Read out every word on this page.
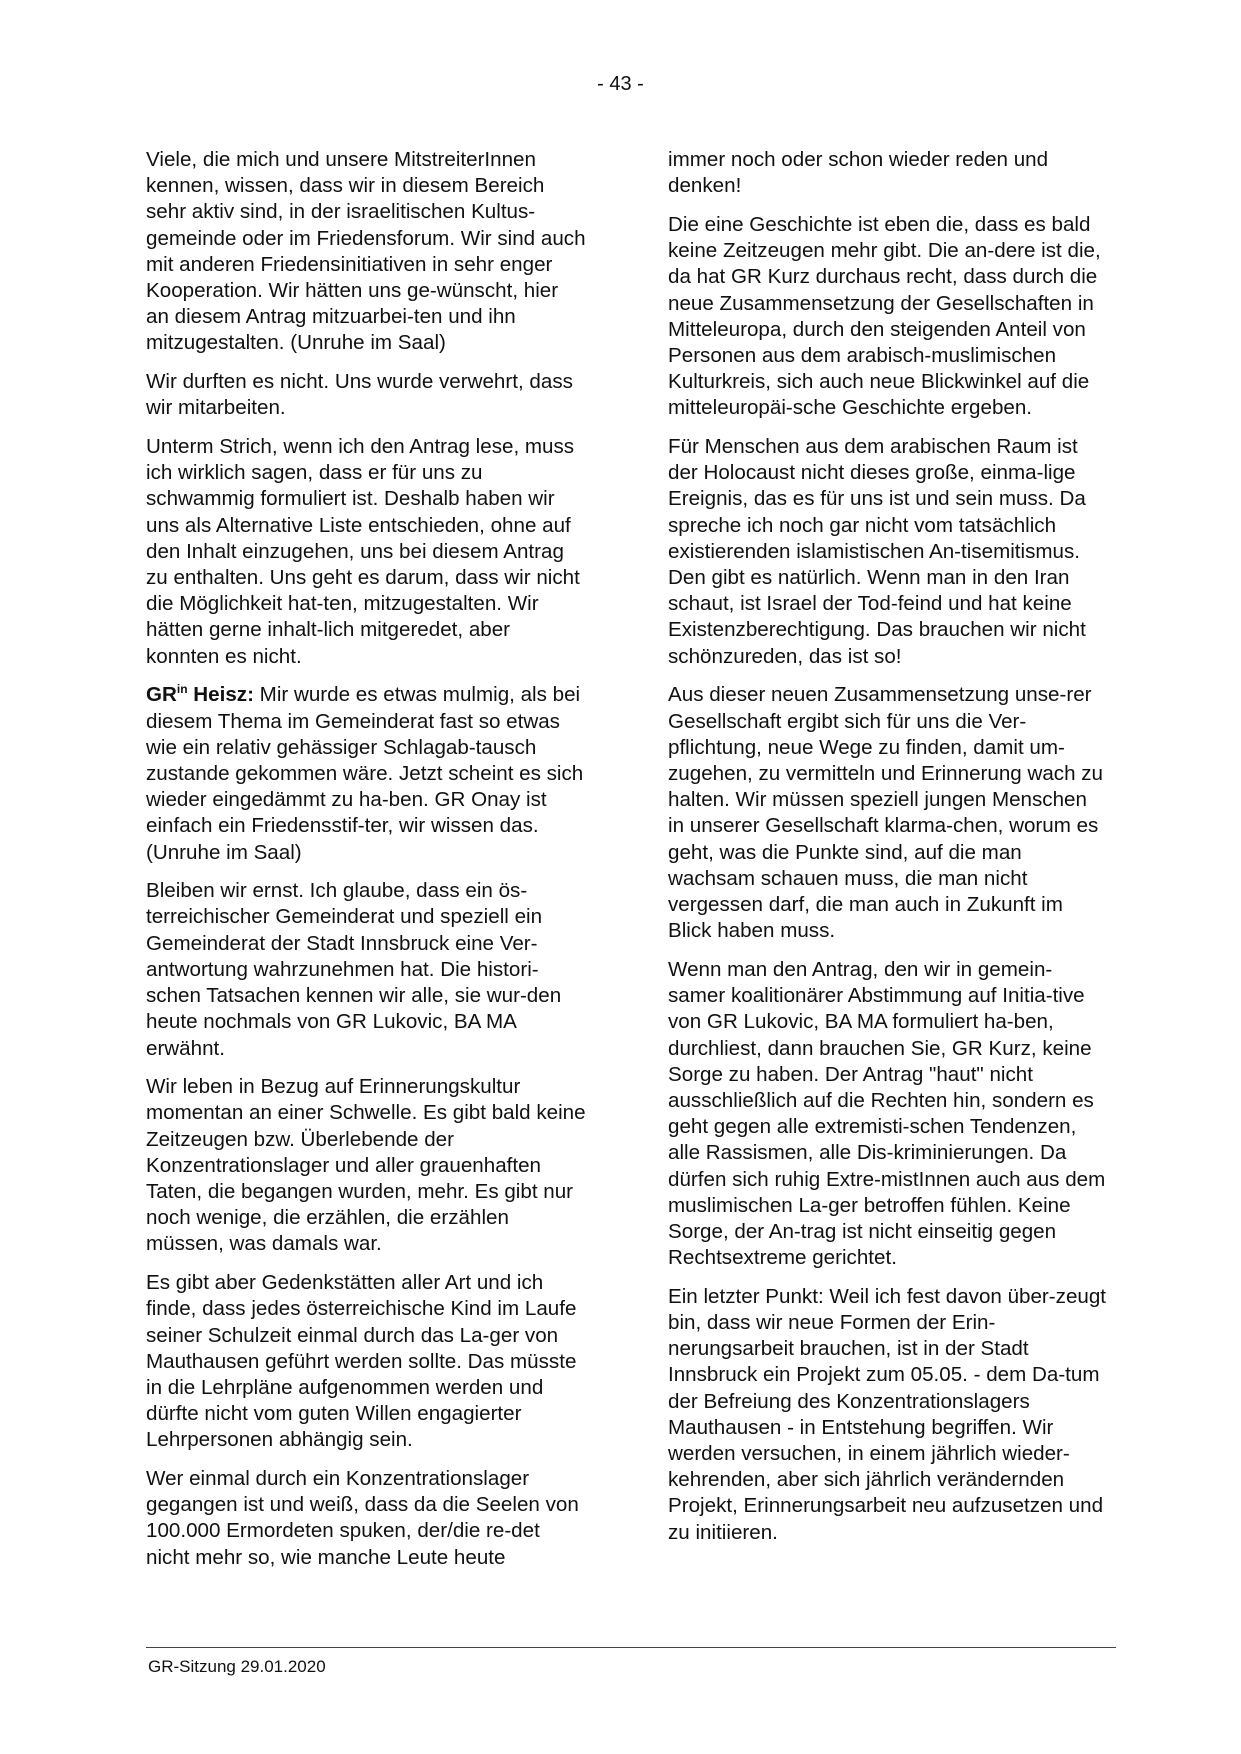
- 43 -

Viele, die mich und unsere MitstreiterInnen kennen, wissen, dass wir in diesem Bereich sehr aktiv sind, in der israelitischen Kultus-gemeinde oder im Friedensforum. Wir sind auch mit anderen Friedensinitiativen in sehr enger Kooperation. Wir hätten uns ge-wünscht, hier an diesem Antrag mitzuarbei-ten und ihn mitzugestalten. (Unruhe im Saal)

Wir durften es nicht. Uns wurde verwehrt, dass wir mitarbeiten.

Unterm Strich, wenn ich den Antrag lese, muss ich wirklich sagen, dass er für uns zu schwammig formuliert ist. Deshalb haben wir uns als Alternative Liste entschieden, ohne auf den Inhalt einzugehen, uns bei diesem Antrag zu enthalten. Uns geht es darum, dass wir nicht die Möglichkeit hat-ten, mitzugestalten. Wir hätten gerne inhalt-lich mitgeredet, aber konnten es nicht.

$GR^{in}$ Heisz: Mir wurde es etwas mulmig, als bei diesem Thema im Gemeinderat fast so etwas wie ein relativ gehässiger Schlagab-tausch zustande gekommen wäre. Jetzt scheint es sich wieder eingedämmt zu ha-ben. GR Onay ist einfach ein Friedensstif-ter, wir wissen das. (Unruhe im Saal)

Bleiben wir ernst. Ich glaube, dass ein ös-terreichischer Gemeinderat und speziell ein Gemeinderat der Stadt Innsbruck eine Ver-antwortung wahrzunehmen hat. Die histori-schen Tatsachen kennen wir alle, sie wur-den heute nochmals von GR Lukovic, BA MA erwähnt.

Wir leben in Bezug auf Erinnerungskultur momentan an einer Schwelle. Es gibt bald keine Zeitzeugen bzw. Überlebende der Konzentrationslager und aller grauenhaften Taten, die begangen wurden, mehr. Es gibt nur noch wenige, die erzählen, die erzählen müssen, was damals war.

Es gibt aber Gedenkstätten aller Art und ich finde, dass jedes österreichische Kind im Laufe seiner Schulzeit einmal durch das La-ger von Mauthausen geführt werden sollte. Das müsste in die Lehrpläne aufgenommen werden und dürfte nicht vom guten Willen engagierter Lehrpersonen abhängig sein.

Wer einmal durch ein Konzentrationslager gegangen ist und weiß, dass da die Seelen von 100.000 Ermordeten spuken, der/die re-det nicht mehr so, wie manche Leute heute

immer noch oder schon wieder reden und denken!

Die eine Geschichte ist eben die, dass es bald keine Zeitzeugen mehr gibt. Die an-dere ist die, da hat GR Kurz durchaus recht, dass durch die neue Zusammensetzung der Gesellschaften in Mitteleuropa, durch den steigenden Anteil von Personen aus dem arabisch-muslimischen Kulturkreis, sich auch neue Blickwinkel auf die mitteleuropäi-sche Geschichte ergeben.

Für Menschen aus dem arabischen Raum ist der Holocaust nicht dieses große, einma-lige Ereignis, das es für uns ist und sein muss. Da spreche ich noch gar nicht vom tatsächlich existierenden islamistischen An-tisemitismus. Den gibt es natürlich. Wenn man in den Iran schaut, ist Israel der Tod-feind und hat keine Existenzberechtigung. Das brauchen wir nicht schönzureden, das ist so!

Aus dieser neuen Zusammensetzung unse-rer Gesellschaft ergibt sich für uns die Ver-pflichtung, neue Wege zu finden, damit um-zugehen, zu vermitteln und Erinnerung wach zu halten. Wir müssen speziell jungen Menschen in unserer Gesellschaft klarma-chen, worum es geht, was die Punkte sind, auf die man wachsam schauen muss, die man nicht vergessen darf, die man auch in Zukunft im Blick haben muss.

Wenn man den Antrag, den wir in gemein-samer koalitionärer Abstimmung auf Initia-tive von GR Lukovic, BA MA formuliert ha-ben, durchliest, dann brauchen Sie, GR Kurz, keine Sorge zu haben. Der Antrag "haut" nicht ausschließlich auf die Rechten hin, sondern es geht gegen alle extremisti-schen Tendenzen, alle Rassismen, alle Dis-kriminierungen. Da dürfen sich ruhig Extre-mistInnen auch aus dem muslimischen La-ger betroffen fühlen. Keine Sorge, der An-trag ist nicht einseitig gegen Rechtsextreme gerichtet.

Ein letzter Punkt: Weil ich fest davon über-zeugt bin, dass wir neue Formen der Erin-nerungsarbeit brauchen, ist in der Stadt Innsbruck ein Projekt zum 05.05. - dem Da-tum der Befreiung des Konzentrationslagers Mauthausen - in Entstehung begriffen. Wir werden versuchen, in einem jährlich wieder-kehrenden, aber sich jährlich verändernden Projekt, Erinnerungsarbeit neu aufzusetzen und zu initiieren.

GR-Sitzung 29.01.2020
